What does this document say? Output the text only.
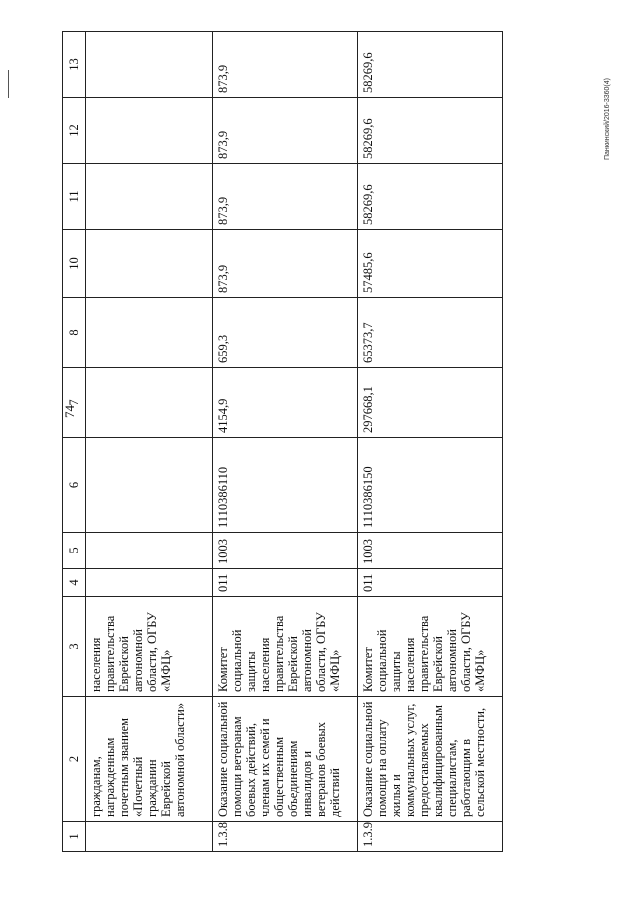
74
Панкинский/2016-3360(4)
1	2	3	4	5	6	7	8	10	11	12	13
	гражданам, награжденным почетным званием «Почетный гражданин Еврейской автономной области»	населения правительства Еврейской автономной области, ОГБУ «МФЦ»									
1.3.8	Оказание социальной помощи ветеранам боевых действий, членам их семей и общественным объединениям инвалидов и ветеранов боевых действий	Комитет социальной защиты населения правительства Еврейской автономной области, ОГБУ «МФЦ»	011	1003	1110386110	4154,9	659,3	873,9	873,9	873,9	873,9
1.3.9	Оказание социальной помощи на оплату жилья и коммунальных услуг, предоставляемых квалифицированным специалистам, работающим в сельской местности,	Комитет социальной защиты населения правительства Еврейской автономной области, ОГБУ «МФЦ»	011	1003	1110386150	297668,1	65373,7	57485,6	58269,6	58269,6	58269,6
